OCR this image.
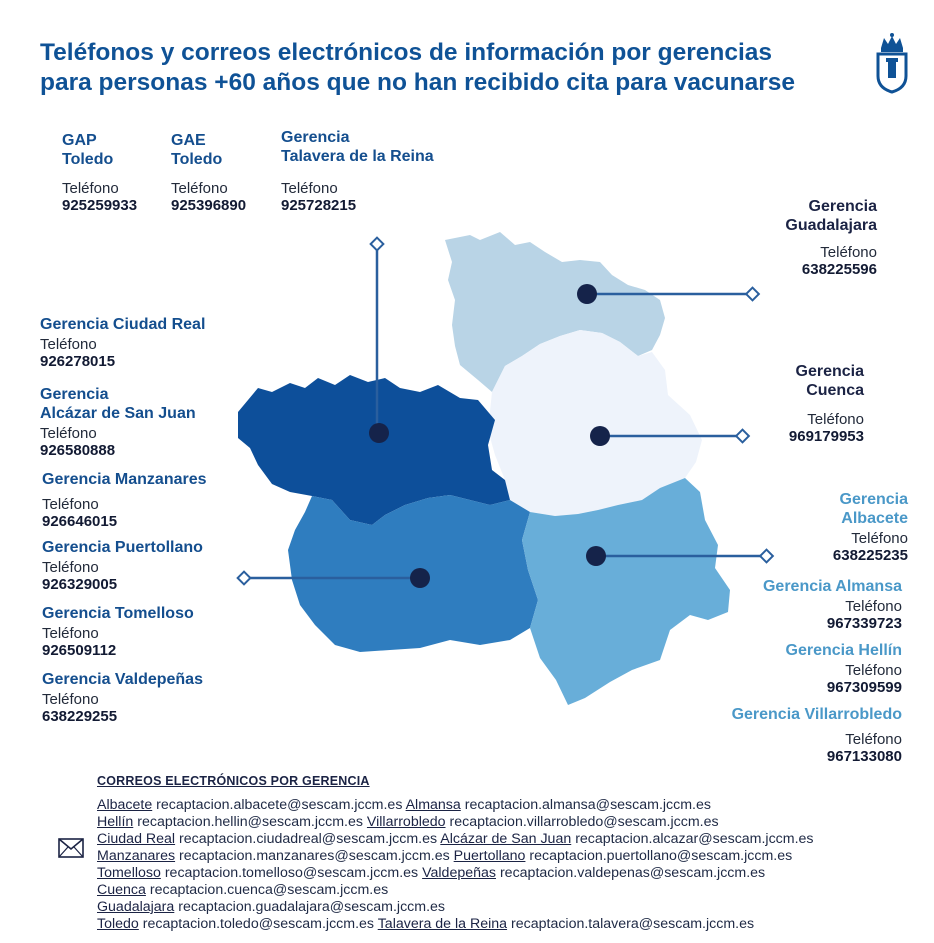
Teléfonos y correos electrónicos de información por gerencias
para personas +60 años que no han recibido cita para vacunarse
GAP
Toledo
Teléfono
925259933
GAE
Toledo
Teléfono
925396890
Gerencia
Talavera de la Reina
Teléfono
925728215	Gerencia
Guadalajara
Teléfono
638225596
Gerencia Ciudad Real
Teléfono
926278015
Gerencia
Alcázar de San Juan
Teléfono
926580888
Gerencia Manzanares
Teléfono
926646015
Gerencia Puertollano
Teléfono
926329005
Gerencia Tomelloso
Teléfono
926509112
Gerencia Valdepeñas
Teléfono
638229255
Gerencia
Cuenca
Teléfono
969179953
Gerencia
Albacete
Teléfono
638225235
Gerencia Almansa
Teléfono
967339723
Gerencia Hellín
Teléfono
967309599
Gerencia Villarrobledo
Teléfono
967133080
CORREOS ELECTRÓNICOS POR GERENCIA
Albacete recaptacion.albacete@sescam.jccm.es Almansa recaptacion.almansa@sescam.jccm.es
Hellín recaptacion.hellin@sescam.jccm.es Villarrobledo recaptacion.villarrobledo@sescam.jccm.es
Ciudad Real recaptacion.ciudadreal@sescam.jccm.es Alcázar de San Juan recaptacion.alcazar@sescam.jccm.es
Manzanares recaptacion.manzanares@sescam.jccm.es Puertollano recaptacion.puertollano@sescam.jccm.es
Tomelloso recaptacion.tomelloso@sescam.jccm.es Valdepeñas recaptacion.valdepenas@sescam.jccm.es
Cuenca recaptacion.cuenca@sescam.jccm.es
Guadalajara recaptacion.guadalajara@sescam.jccm.es
Toledo recaptacion.toledo@sescam.jccm.es Talavera de la Reina recaptacion.talavera@sescam.jccm.es
